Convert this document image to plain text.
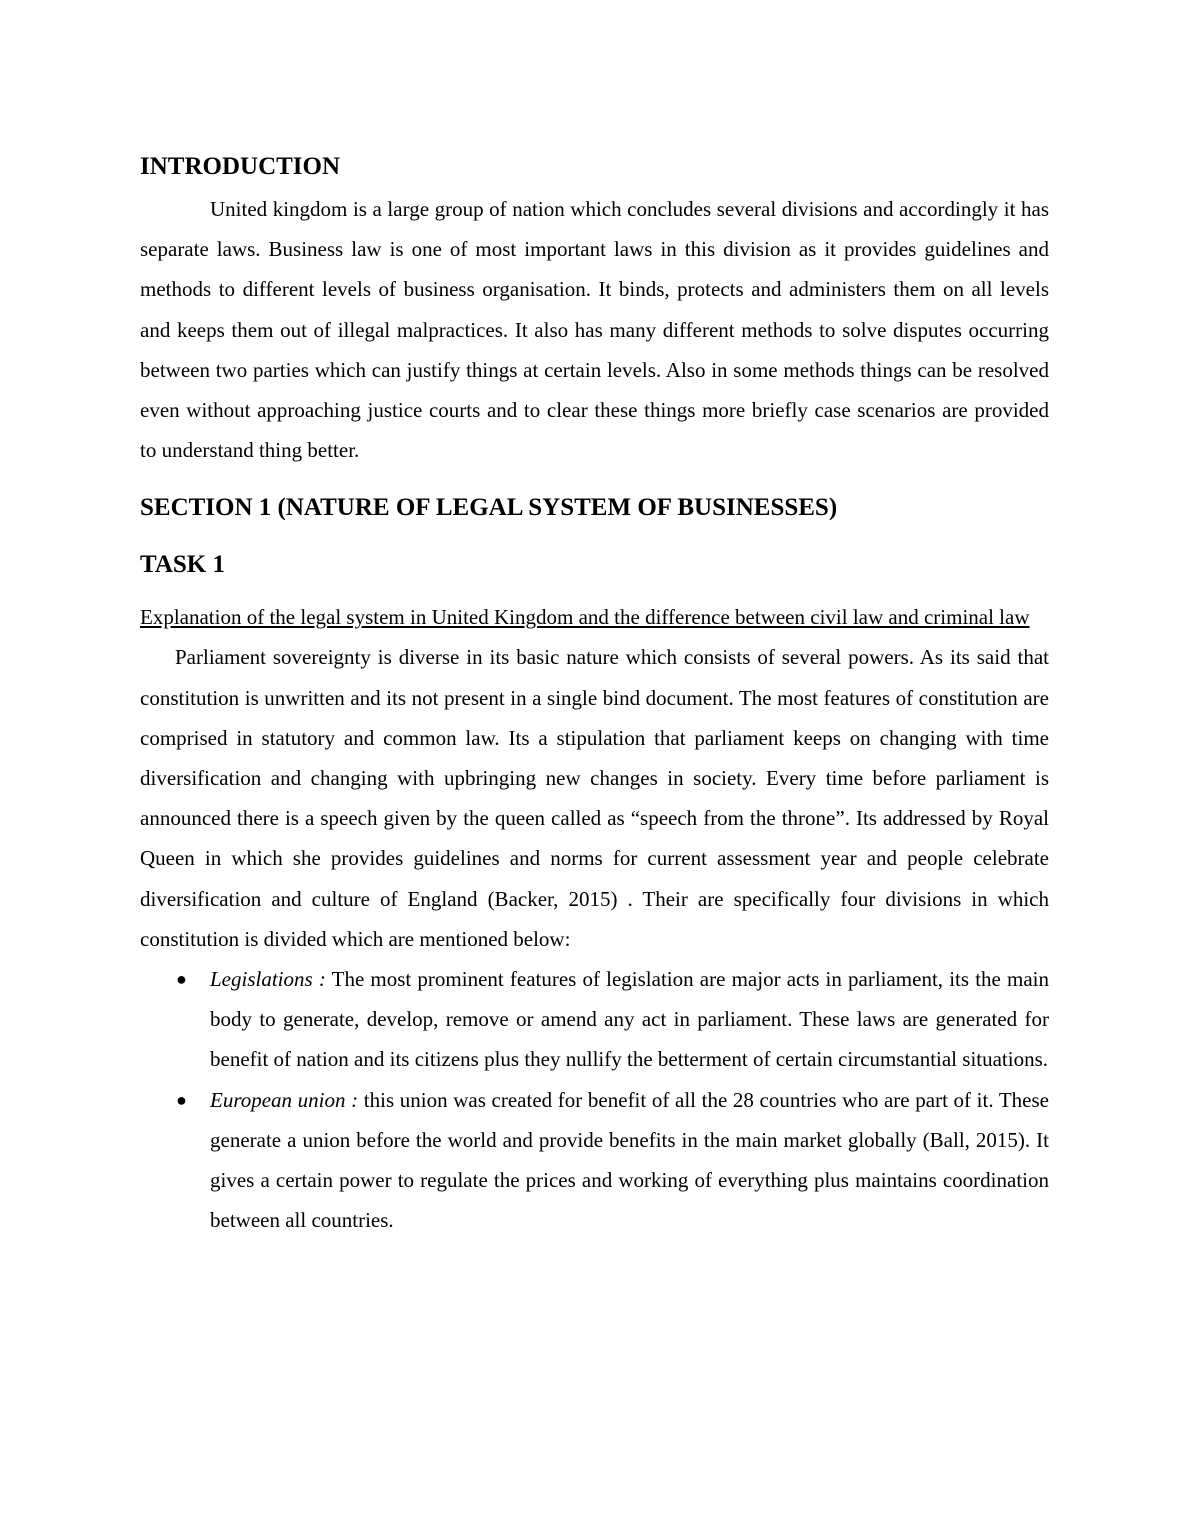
INTRODUCTION

United kingdom is a large group of nation which concludes several divisions and accordingly it has separate laws. Business law is one of most important laws in this division as it provides guidelines and methods to different levels of business organisation. It binds, protects and administers them on all levels and keeps them out of illegal malpractices. It also has many different methods to solve disputes occurring between two parties which can justify things at certain levels. Also in some methods things can be resolved even without approaching justice courts and to clear these things more briefly case scenarios are provided to understand thing better.

SECTION 1 (NATURE OF LEGAL SYSTEM OF BUSINESSES)
TASK 1

Explanation of the legal system in United Kingdom and the difference between civil law and criminal law

Parliament sovereignty is diverse in its basic nature which consists of several powers. As its said that constitution is unwritten and its not present in a single bind document. The most features of constitution are comprised in statutory and common law. Its a stipulation that parliament keeps on changing with time diversification and changing with upbringing new changes in society. Every time before parliament is announced there is a speech given by the queen called as “speech from the throne”. Its addressed by Royal Queen in which she provides guidelines and norms for current assessment year and people celebrate diversification and culture of England (Backer, 2015) . Their are specifically four divisions in which constitution is divided which are mentioned below:

● Legislations : The most prominent features of legislation are major acts in parliament, its the main body to generate, develop, remove or amend any act in parliament. These laws are generated for benefit of nation and its citizens plus they nullify the betterment of certain circumstantial situations.
● European union : this union was created for benefit of all the 28 countries who are part of it. These generate a union before the world and provide benefits in the main market globally (Ball, 2015). It gives a certain power to regulate the prices and working of everything plus maintains coordination between all countries.
